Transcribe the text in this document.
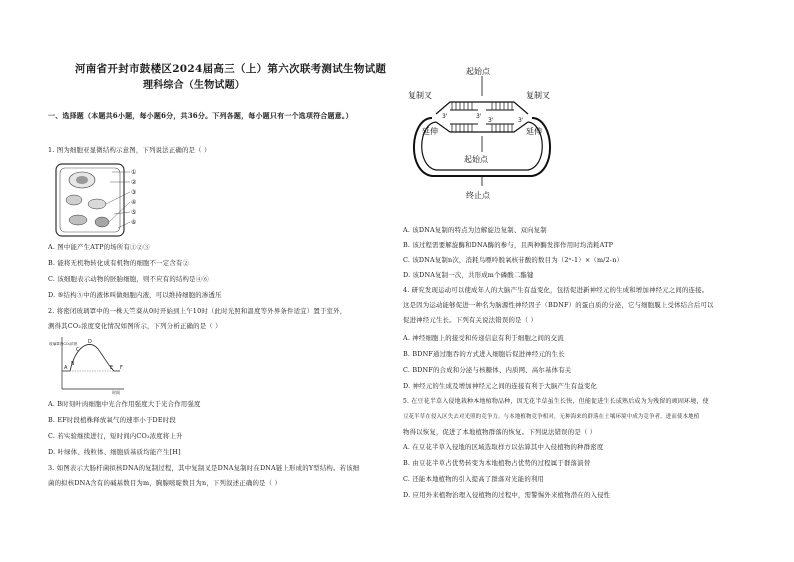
河南省开封市鼓楼区2024届高三（上）第六次联考测试生物试题
理科综合（生物试题）
一、选择题（本题共6小题，每小题6分，共36分。下列各题，每小题只有一个选项符合题意。）
1. 图为细胞亚显微结构示意图，下列说法正确的是（ ）
①
②
③
④
⑤
⑥
A. 图中能产生ATP的场所有①②③
B. 能将无机物转化成有机物的细胞不一定含有②
C. 该细胞表示动物的胚胎细胞，则不应有的结构是④⑥
D. ⑤结构⑤中的液体叫做细胞内液，可以维持细胞的渗透压
2. 将密闭玻璃罩中的一株天竺葵从0时开始到上午10时（此时光照和温度等外界条件适宜）置于室外，
测得其CO₂浓度变化情况如图所示，下列分析正确的是（ ）
玻璃罩内CO₂浓度
A
B
C
D
E F
时间
A. B时刻叶肉细胞中光合作用强度大于光合作用强度
B. EF时段植株释放氧气的速率小于DE时段
C. 若实验继续进行，短时间内CO₂浓度将上升
D. 叶绿体、线粒体、细胞质基质均能产生[H]
3. 如图表示大肠杆菌拟核DNA的复制过程，其中复制叉是DNA复制时在DNA链上形成的Y型结构。若该细
菌的拟核DNA含有的碱基数目为m，胸腺嘧啶数目为n，下列叙述正确的是（ ）
起始点
复制叉	复制叉
延伸	延伸
起始点
终止点
3'	3'
3'	3'
A. 该DNA复制的特点为边解旋边复制、双向复制
B. 该过程需要解旋酶和DNA酶的参与，且两种酶发挥作用时均消耗ATP
C. 该DNA复制n次，消耗鸟嘌呤脱氧核苷酸的数目为（2ⁿ-1）×（m/2-n）
D. 该DNA复制一次，共形成m个磷酸二酯键
4. 研究发现运动可以使成年人的大脑产生有益变化，包括促进新神经元的生成和增加神经元之间的连接。
这是因为运动能够促进一种名为脑源性神经因子（BDNF）的蛋白质的分泌，它与细胞膜上受体结合后可以
促进神经元生长。下列有关说法错误的是（ ）
A. 神经细胞上的接受和传递信息有利于细胞之间的交流
B. BDNF通过胞吞的方式进入细胞后促进神经元的生长
C. BDNF的合成和分泌与核糖体、内质网、高尔基体有关
D. 神经元的生成及增加神经元之间的连接有利于大脑产生有益变化
5. 在豆花半草入侵地栽种本地植物品种，因无花半草虽生长快，但能促进生长成熟后成为为残留的顽固环境，使
豆花半草在侵入区失去对光照的竞争力。与本地植物竞争相对，无种海来的群落在土壤环境中成为竞争者，进而使本地植
物得以恢复，促进了本地植物群落的恢复。下列说法错误的是（ ）
A. 在豆花半草入侵地的区域选取样方以估算其中入侵植物的种群密度
B. 由豆花半草占优势转变为本地植物占优势的过程属于群落演替
C. 还能本地植物的引入提高了群落对光能的利用
D. 应用外来植物治理入侵植物的过程中，需警惕外来植物潜在的入侵性
